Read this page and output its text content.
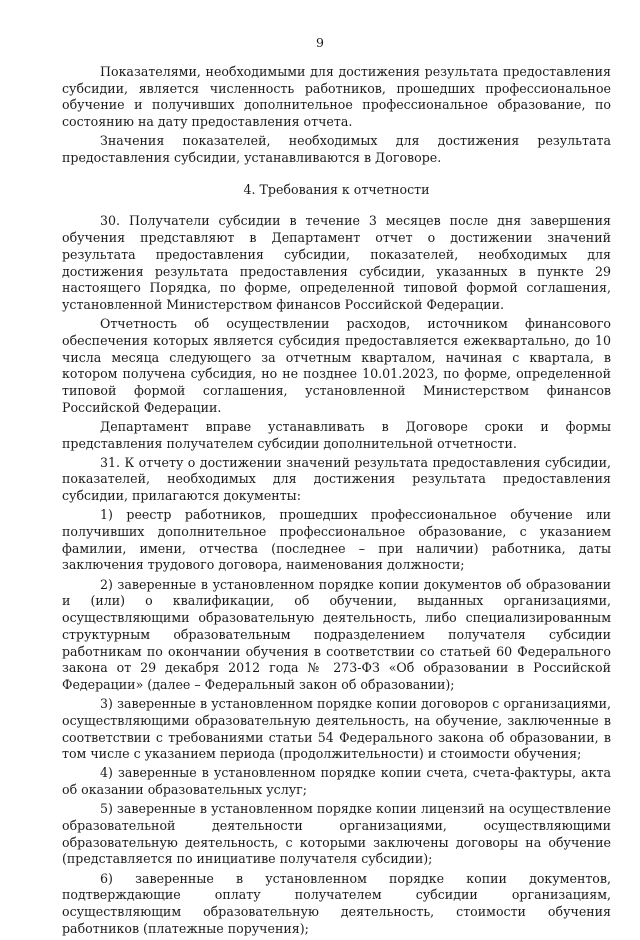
9

Показателями, необходимыми для достижения результата предоставления субсидии, является численность работников, прошедших профессиональное обучение и получивших дополнительное профессиональное образование, по состоянию на дату предоставления отчета.

Значения показателей, необходимых для достижения результата предоставления субсидии, устанавливаются в Договоре.

4. Требования к отчетности

30. Получатели субсидии в течение 3 месяцев после дня завершения обучения представляют в Департамент отчет о достижении значений результата предоставления субсидии, показателей, необходимых для достижения результата предоставления субсидии, указанных в пункте 29 настоящего Порядка, по форме, определенной типовой формой соглашения, установленной Министерством финансов Российской Федерации.

Отчетность об осуществлении расходов, источником финансового обеспечения которых является субсидия предоставляется ежеквартально, до 10 числа месяца следующего за отчетным кварталом, начиная с квартала, в котором получена субсидия, но не позднее 10.01.2023, по форме, определенной типовой формой соглашения, установленной Министерством финансов Российской Федерации.

Департамент вправе устанавливать в Договоре сроки и формы представления получателем субсидии дополнительной отчетности.

31. К отчету о достижении значений результата предоставления субсидии, показателей, необходимых для достижения результата предоставления субсидии, прилагаются документы:

1) реестр работников, прошедших профессиональное обучение или получивших дополнительное профессиональное образование, с указанием фамилии, имени, отчества (последнее – при наличии) работника, даты заключения трудового договора, наименования должности;

2) заверенные в установленном порядке копии документов об образовании и (или) о квалификации, об обучении, выданных организациями, осуществляющими образовательную деятельность, либо специализированным структурным образовательным подразделением получателя субсидии работникам по окончании обучения в соответствии со статьей 60 Федерального закона от 29 декабря 2012 года № 273-ФЗ «Об образовании в Российской Федерации» (далее – Федеральный закон об образовании);

3) заверенные в установленном порядке копии договоров с организациями, осуществляющими образовательную деятельность, на обучение, заключенные в соответствии с требованиями статьи 54 Федерального закона об образовании, в том числе с указанием периода (продолжительности) и стоимости обучения;

4) заверенные в установленном порядке копии счета, счета-фактуры, акта об оказании образовательных услуг;

5) заверенные в установленном порядке копии лицензий на осуществление образовательной деятельности организациями, осуществляющими образовательную деятельность, с которыми заключены договоры на обучение (представляется по инициативе получателя субсидии);

6) заверенные в установленном порядке копии документов, подтверждающие оплату получателем субсидии организациям, осуществляющим образовательную деятельность, стоимости обучения работников (платежные поручения);
